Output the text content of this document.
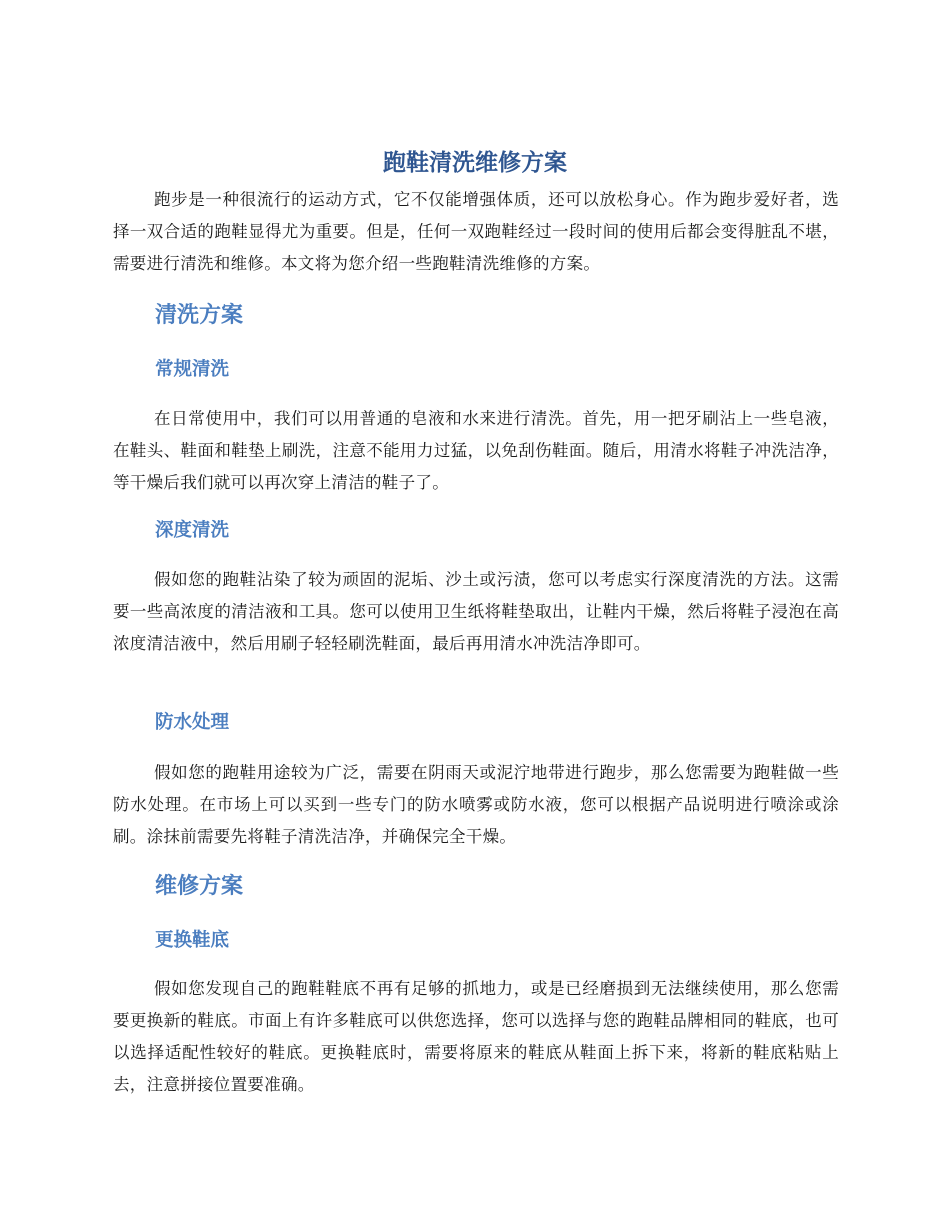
跑鞋清洗维修方案

跑步是一种很流行的运动方式，它不仅能增强体质，还可以放松身心。作为跑步爱好者，选择一双合适的跑鞋显得尤为重要。但是，任何一双跑鞋经过一段时间的使用后都会变得脏乱不堪，需要进行清洗和维修。本文将为您介绍一些跑鞋清洗维修的方案。

清洗方案
常规清洗

在日常使用中，我们可以用普通的皂液和水来进行清洗。首先，用一把牙刷沾上一些皂液，在鞋头、鞋面和鞋垫上刷洗，注意不能用力过猛，以免刮伤鞋面。随后，用清水将鞋子冲洗洁净，等干燥后我们就可以再次穿上清洁的鞋子了。

深度清洗

假如您的跑鞋沾染了较为顽固的泥垢、沙土或污渍，您可以考虑实行深度清洗的方法。这需要一些高浓度的清洁液和工具。您可以使用卫生纸将鞋垫取出，让鞋内干燥，然后将鞋子浸泡在高浓度清洁液中，然后用刷子轻轻刷洗鞋面，最后再用清水冲洗洁净即可。

防水处理

假如您的跑鞋用途较为广泛，需要在阴雨天或泥泞地带进行跑步，那么您需要为跑鞋做一些防水处理。在市场上可以买到一些专门的防水喷雾或防水液，您可以根据产品说明进行喷涂或涂刷。涂抹前需要先将鞋子清洗洁净，并确保完全干燥。

维修方案
更换鞋底

假如您发现自己的跑鞋鞋底不再有足够的抓地力，或是已经磨损到无法继续使用，那么您需要更换新的鞋底。市面上有许多鞋底可以供您选择，您可以选择与您的跑鞋品牌相同的鞋底，也可以选择适配性较好的鞋底。更换鞋底时，需要将原来的鞋底从鞋面上拆下来，将新的鞋底粘贴上去，注意拼接位置要准确。
